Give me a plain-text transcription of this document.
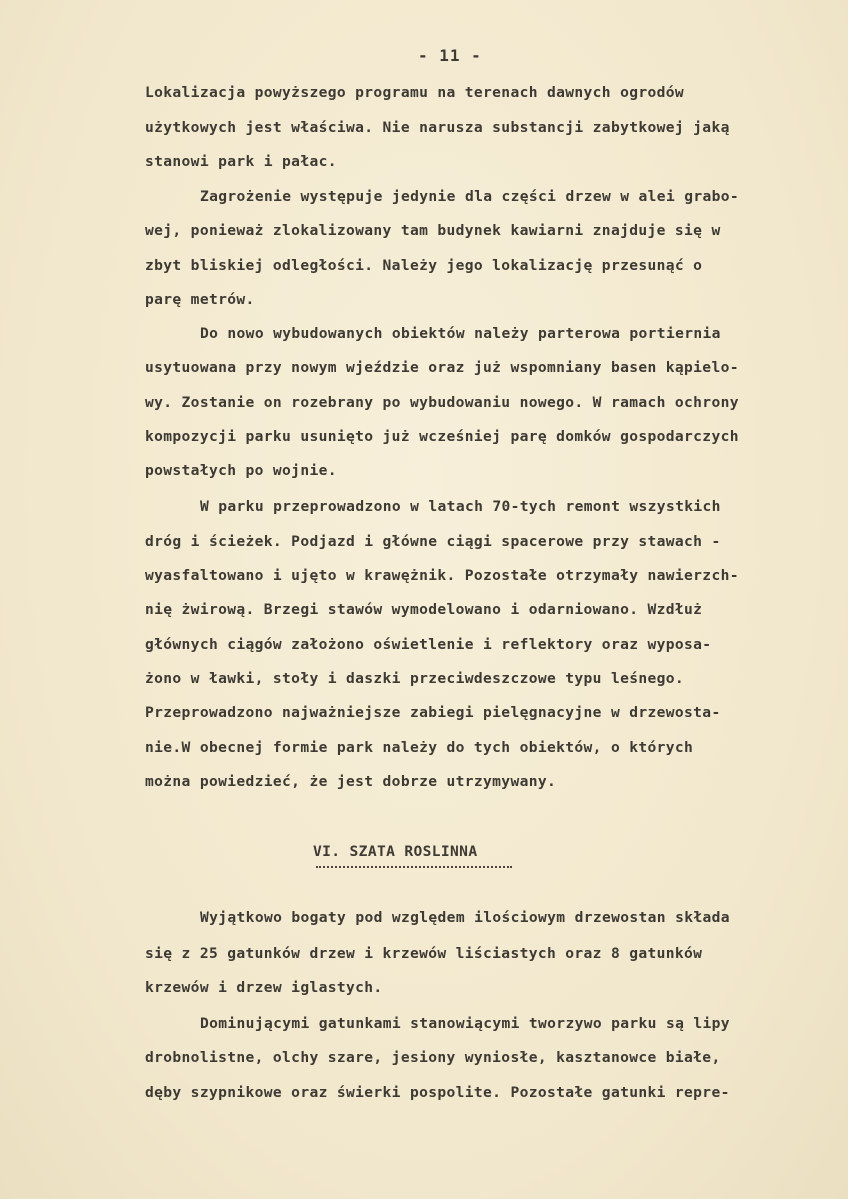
- 11 -
Lokalizacja powyższego programu na terenach dawnych ogrodów
użytkowych jest właściwa. Nie narusza substancji zabytkowej jaką
stanowi park i pałac.
Zagrożenie występuje jedynie dla części drzew w alei grabo-
wej, ponieważ zlokalizowany tam budynek kawiarni znajduje się w
zbyt bliskiej odległości. Należy jego lokalizację przesunąć o
parę metrów.
Do nowo wybudowanych obiektów należy parterowa portiernia
usytuowana przy nowym wjeździe oraz już wspomniany basen kąpielo-
wy. Zostanie on rozebrany po wybudowaniu nowego. W ramach ochrony
kompozycji parku usunięto już wcześniej parę domków gospodarczych
powstałych po wojnie.
W parku przeprowadzono w latach 70-tych remont wszystkich
dróg i ścieżek. Podjazd i główne ciągi spacerowe przy stawach -
wyasfaltowano i ujęto w krawężnik. Pozostałe otrzymały nawierzch-
nię żwirową. Brzegi stawów wymodelowano i odarniowano. Wzdłuż
głównych ciągów założono oświetlenie i reflektory oraz wyposa-
żono w ławki, stoły i daszki przeciwdeszczowe typu leśnego.
Przeprowadzono najważniejsze zabiegi pielęgnacyjne w drzewosta-
nie.W obecnej formie park należy do tych obiektów, o których
można powiedzieć, że jest dobrze utrzymywany.
VI. SZATA ROSLINNA
Wyjątkowo bogaty pod względem ilościowym drzewostan składa
się z 25 gatunków drzew i krzewów liściastych oraz 8 gatunków
krzewów i drzew iglastych.
Dominującymi gatunkami stanowiącymi tworzywo parku są lipy
drobnolistne, olchy szare, jesiony wyniosłe, kasztanowce białe,
dęby szypnikowe oraz świerki pospolite. Pozostałe gatunki repre-
